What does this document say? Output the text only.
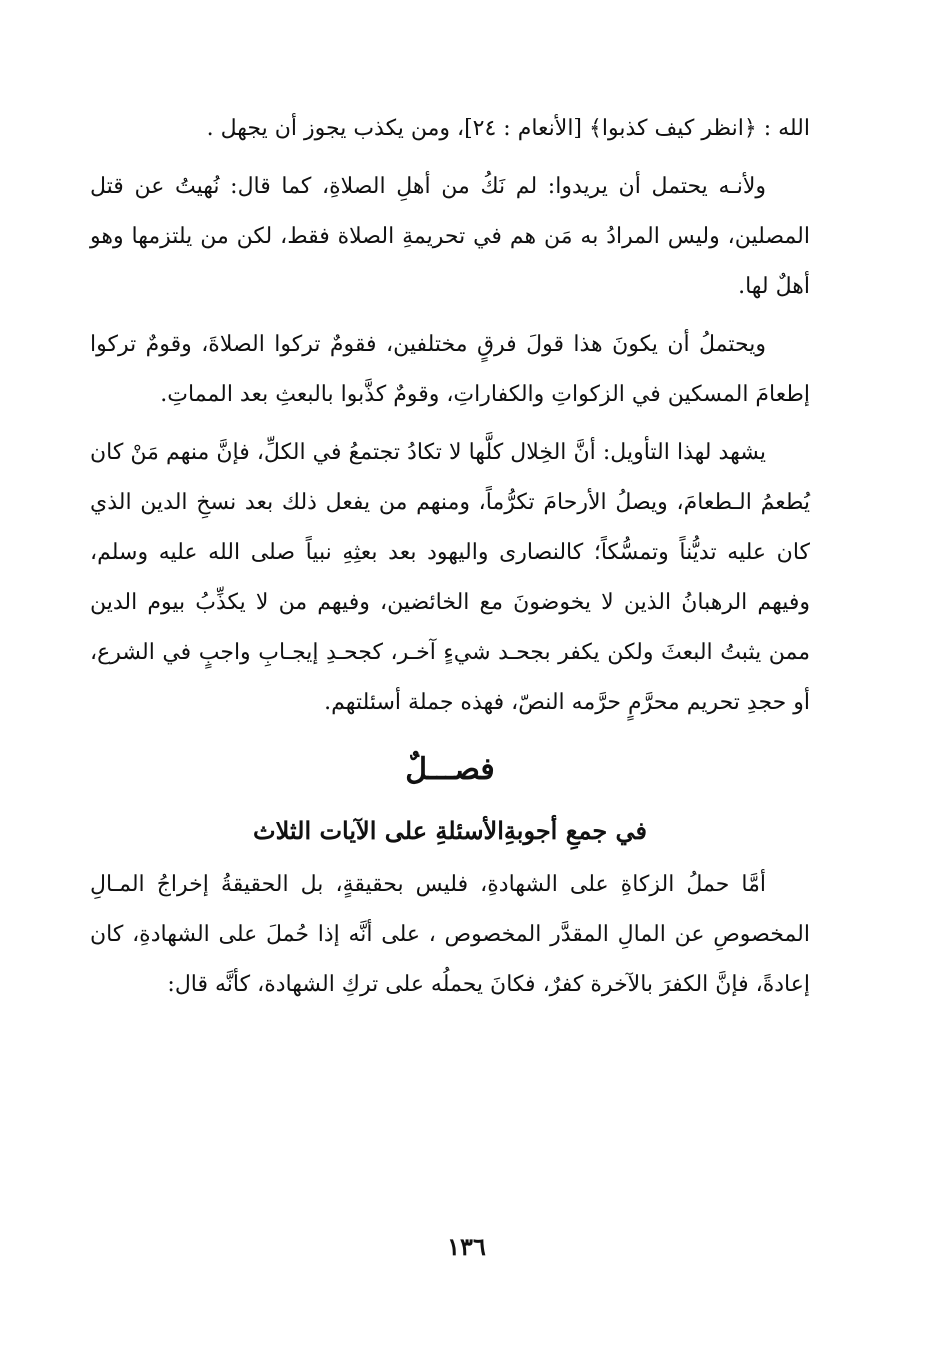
الله : ﴿انظر كيف كذبوا﴾ [الأنعام : ٢٤]، ومن يكذب يجوز أن يجهل .

ولأنـه يحتمل أن يريدوا: لم نَكُ من أهلِ الصلاةِ، كما قال: نُهيتُ عن قتل المصلين، وليس المرادُ به مَن هم في تحريمةِ الصلاة فقط، لكن من يلتزمها وهو أهلٌ لها.

ويحتملُ أن يكونَ هذا قولَ فرقٍ مختلفين، فقومٌ تركوا الصلاةَ، وقومٌ تركوا إطعامَ المسكين في الزكواتِ والكفاراتِ، وقومٌ كذَّبوا بالبعثِ بعد المماتِ.

يشهد لهذا التأويل: أنَّ الخِلال كلَّها لا تكادُ تجتمعُ في الكلِّ، فإنَّ منهم مَنْ كان يُطعمُ الـطعامَ، ويصلُ الأرحامَ تكرُّماً، ومنهم من يفعل ذلك بعد نسخِ الدين الذي كان عليه تديُّناً وتمسُّكاً؛ كالنصارى واليهود بعد بعثِهِ نبياً صلى الله عليه وسلم، وفيهم الرهبانُ الذين لا يخوضونَ مع الخائضين، وفيهم من لا يكذِّبُ بيوم الدين ممن يثبتُ البعثَ ولكن يكفر بجحـد شيءٍ آخـر، كجحـدِ إيجـابِ واجبٍ في الشرع، أو حجدِ تحريم محرَّمٍ حرَّمه النصّ، فهذه جملة أسئلتهم.

فصـــلٌ
في جمعِ أجوبةِالأسئلةِ على الآيات الثلاث

أمَّا حملُ الزكاةِ على الشهادةِ، فليس بحقيقةٍ، بل الحقيقةُ إخراجُ المـالِ المخصوصِ عن المالِ المقدَّر المخصوص ، على أنَّه إذا حُملَ على الشهادةِ، كان إعادةً، فإنَّ الكفرَ بالآخرة كفرٌ، فكانَ يحملُه على تركِ الشهادة، كأنَّه قال:

١٣٦
